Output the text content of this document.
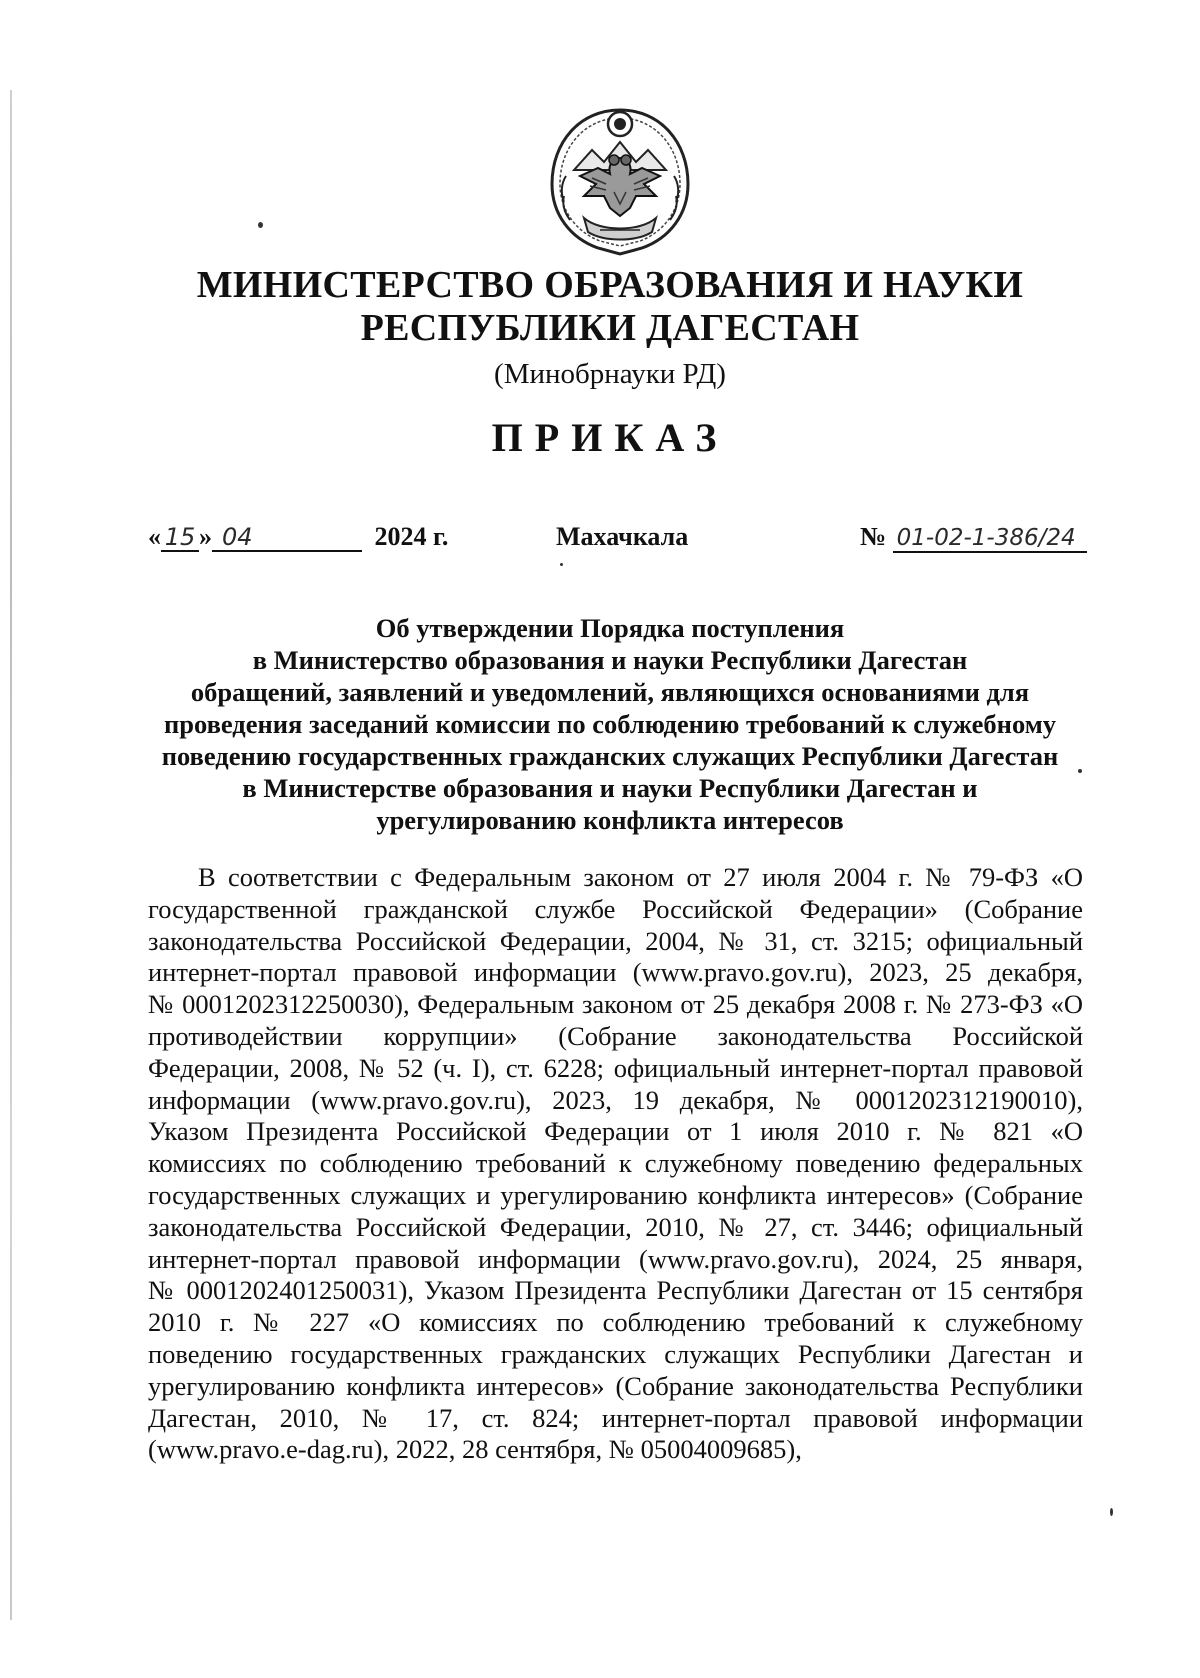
МИНИСТЕРСТВО ОБРАЗОВАНИЯ И НАУКИ
РЕСПУБЛИКИ ДАГЕСТАН
(Минобрнауки РД)
ПРИКАЗ
« 15 » 04	2024 г.	Махачкала	№ 01-02-1-386/24
Об утверждении Порядка поступления
в Министерство образования и науки Республики Дагестан
обращений, заявлений и уведомлений, являющихся основаниями для
проведения заседаний комиссии по соблюдению требований к служебному
поведению государственных гражданских служащих Республики Дагестан
в Министерстве образования и науки Республики Дагестан и
урегулированию конфликта интересов
В соответствии с Федеральным законом от 27 июля 2004 г. № 79-ФЗ «О
государственной гражданской службе Российской Федерации» (Собрание
законодательства Российской Федерации, 2004, № 31, ст. 3215; официальный
интернет-портал правовой информации (www.pravo.gov.ru), 2023, 25 декабря,
№ 0001202312250030), Федеральным законом от 25 декабря 2008 г. № 273-ФЗ «О
противодействии коррупции» (Собрание законодательства Российской
Федерации, 2008, № 52 (ч. I), ст. 6228; официальный интернет-портал правовой
информации (www.pravo.gov.ru), 2023, 19 декабря, № 0001202312190010),
Указом Президента Российской Федерации от 1 июля 2010 г. № 821 «О
комиссиях по соблюдению требований к служебному поведению федеральных
государственных служащих и урегулированию конфликта интересов» (Собрание
законодательства Российской Федерации, 2010, № 27, ст. 3446; официальный
интернет-портал правовой информации (www.pravo.gov.ru), 2024, 25 января,
№ 0001202401250031), Указом Президента Республики Дагестан от 15 сентября
2010 г. № 227 «О комиссиях по соблюдению требований к служебному
поведению государственных гражданских служащих Республики Дагестан и
урегулированию конфликта интересов» (Собрание законодательства Республики
Дагестан, 2010, № 17, ст. 824; интернет-портал правовой информации
(www.pravo.e-dag.ru), 2022, 28 сентября, № 05004009685),
